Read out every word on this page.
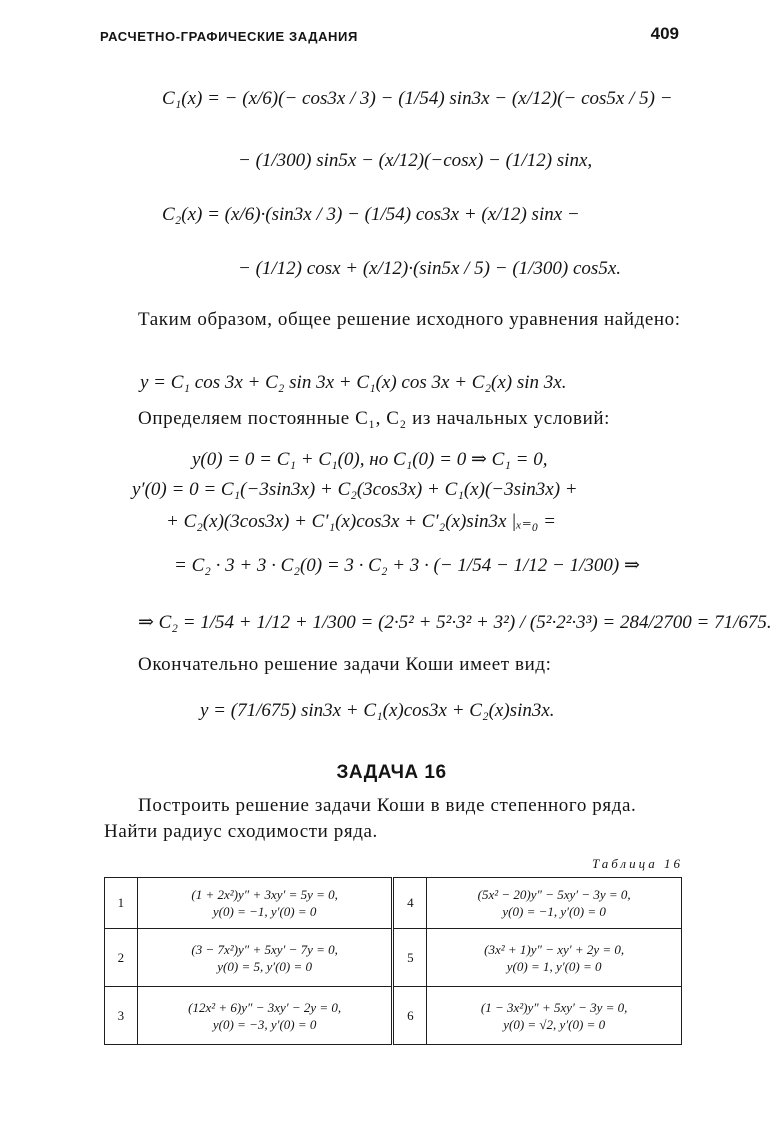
РАСЧЕТНО-ГРАФИЧЕСКИЕ ЗАДАНИЯ	409
C₁(x) = − (x/6)(− cos3x / 3) − (1/54) sin3x − (x/12)(− cos5x / 5) −
− (1/300) sin5x − (x/12)(−cosx) − (1/12) sinx,
C₂(x) = (x/6)·(sin3x / 3) − (1/54) cos3x + (x/12) sinx −
− (1/12) cosx + (x/12)·(sin5x / 5) − (1/300) cos5x.
Таким образом, общее решение исходного уравнения найдено:
y = C₁ cos 3x + C₂ sin 3x + C₁(x) cos 3x + C₂(x) sin 3x.
Определяем постоянные C₁, C₂ из начальных условий:
y(0) = 0 = C₁ + C₁(0), но C₁(0) = 0 ⇒ C₁ = 0,
y′(0) = 0 = C₁(−3sin3x) + C₂(3cos3x) + C₁(x)(−3sin3x) +
+ C₂(x)(3cos3x) + C′₁(x)cos3x + C′₂(x)sin3x |ₓ₌₀ =
= C₂ · 3 + 3 · C₂(0) = 3 · C₂ + 3 · (− 1/54 − 1/12 − 1/300) ⇒
⇒ C₂ = 1/54 + 1/12 + 1/300 = (2·5² + 5²·3² + 3²) / (5²·2²·3³) = 284/2700 = 71/675.
Окончательно решение задачи Коши имеет вид:
y = (71/675) sin3x + C₁(x)cos3x + C₂(x)sin3x.
ЗАДАЧА 16
Построить решение задачи Коши в виде степенного ряда. Найти радиус сходимости ряда.
Таблица 16
1	(1 + 2x²)y″ + 3xy′ = 5y = 0,
y(0) = −1, y′(0) = 0	4	(5x² − 20)y″ − 5xy′ − 3y = 0,
y(0) = −1, y′(0) = 0

2	(3 − 7x²)y″ + 5xy′ − 7y = 0,
y(0) = 5, y′(0) = 0	5	(3x² + 1)y″ − xy′ + 2y = 0,
y(0) = 1, y′(0) = 0

3	(12x² + 6)y″ − 3xy′ − 2y = 0,
y(0) = −3, y′(0) = 0	6	(1 − 3x²)y″ + 5xy′ − 3y = 0,
y(0) = √2, y′(0) = 0
